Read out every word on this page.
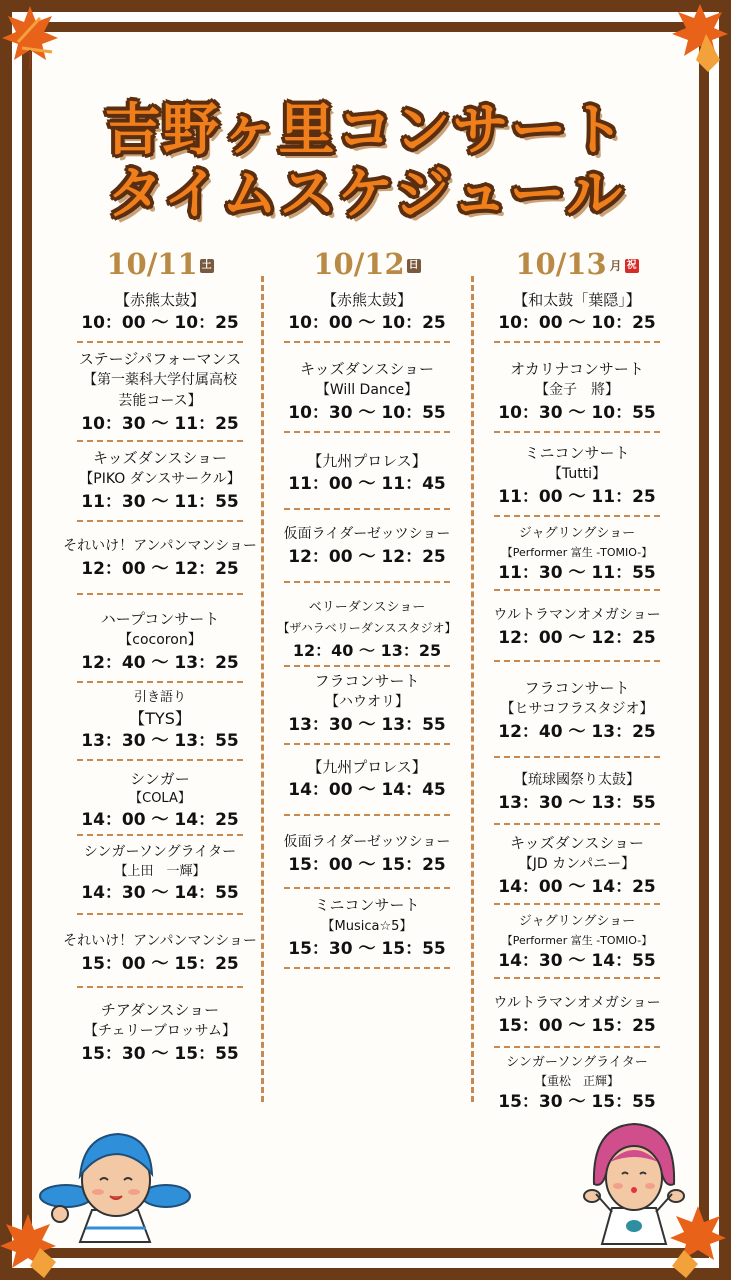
吉野ヶ里コンサート
タイムスケジュール
10/11 土
【赤熊太鼓】
10：00 〜 10：25
ステージパフォーマンス
【第一薬科大学付属高校
芸能コース】
10：30 〜 11：25
キッズダンスショー
【PIKO ダンスサークル】
11：30 〜 11：55
それいけ！アンパンマンショー
12：00 〜 12：25
ハープコンサート
【cocoron】
12：40 〜 13：25
引き語り
【TYS】
13：30 〜 13：55
シンガー
【COLA】
14：00 〜 14：25
シンガーソングライター
【上田　一輝】
14：30 〜 14：55
それいけ！アンパンマンショー
15：00 〜 15：25
チアダンスショー
【チェリーブロッサム】
15：30 〜 15：55
10/12 日
【赤熊太鼓】
10：00 〜 10：25
キッズダンスショー
【Will Dance】
10：30 〜 10：55
【九州プロレス】
11：00 〜 11：45
仮面ライダーゼッツショー
12：00 〜 12：25
ベリーダンスショー
【ザハラベリーダンススタジオ】
12：40 〜 13：25
フラコンサート
【ハウオリ】
13：30 〜 13：55
【九州プロレス】
14：00 〜 14：45
仮面ライダーゼッツショー
15：00 〜 15：25
ミニコンサート
【Musica☆5】
15：30 〜 15：55
10/13 月 祝
【和太鼓「葉隠」】
10：00 〜 10：25
オカリナコンサート
【金子　將】
10：30 〜 10：55
ミニコンサート
【Tutti】
11：00 〜 11：25
ジャグリングショー
【Performer 富生 -TOMIO-】
11：30 〜 11：55
ウルトラマンオメガショー
12：00 〜 12：25
フラコンサート
【ヒサコフラスタジオ】
12：40 〜 13：25
【琉球國祭り太鼓】
13：30 〜 13：55
キッズダンスショー
【JD カンパニー】
14：00 〜 14：25
ジャグリングショー
【Performer 富生 -TOMIO-】
14：30 〜 14：55
ウルトラマンオメガショー
15：00 〜 15：25
シンガーソングライター
【重松　正輝】
15：30 〜 15：55
